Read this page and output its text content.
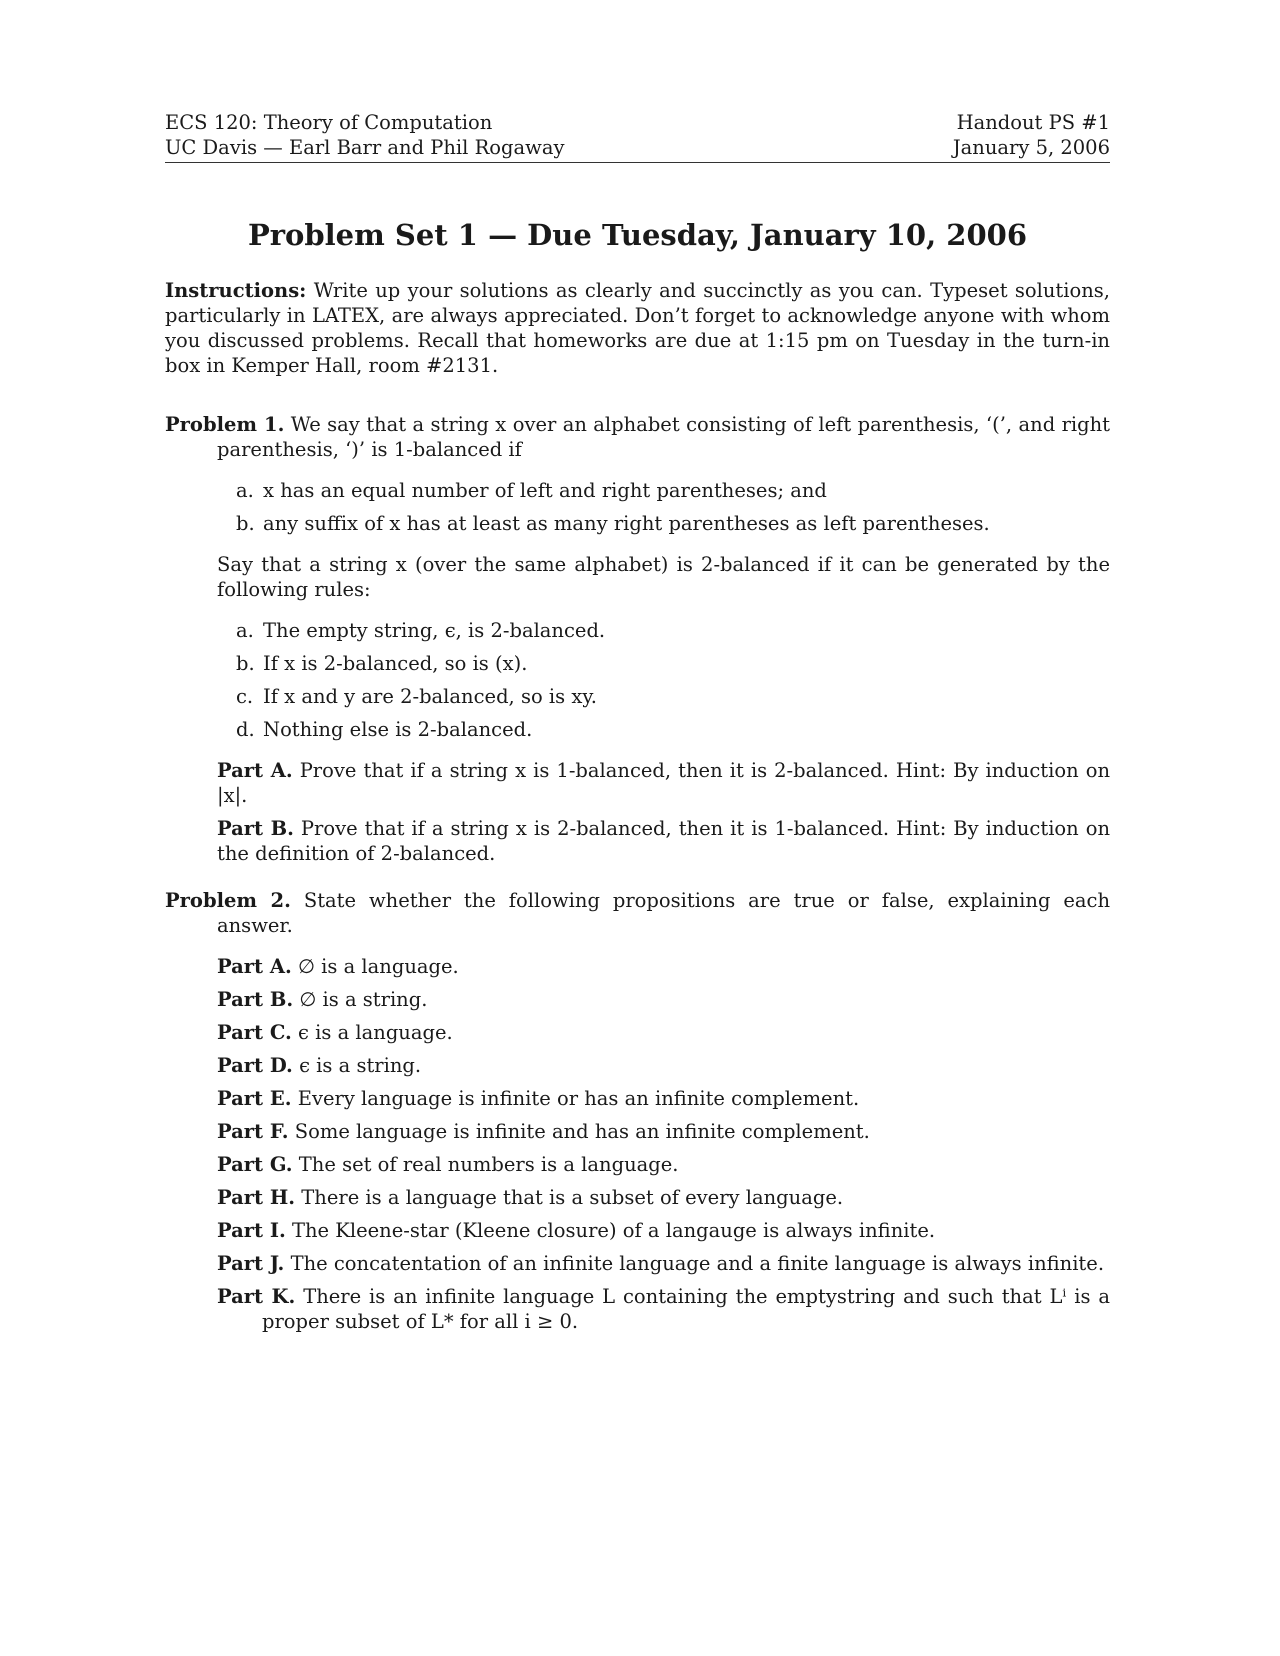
ECS 120: Theory of Computation
UC Davis — Earl Barr and Phil Rogaway
Handout PS #1
January 5, 2006
Problem Set 1 — Due Tuesday, January 10, 2006

Instructions: Write up your solutions as clearly and succinctly as you can. Typeset solutions, particularly in LATEX, are always appreciated. Don’t forget to acknowledge anyone with whom you discussed problems. Recall that homeworks are due at 1:15 pm on Tuesday in the turn-in box in Kemper Hall, room #2131.

Problem 1. We say that a string x over an alphabet consisting of left parenthesis, ‘(’, and right parenthesis, ‘)’ is 1-balanced if

a. x has an equal number of left and right parentheses; and
b. any suffix of x has at least as many right parentheses as left parentheses.

Say that a string x (over the same alphabet) is 2-balanced if it can be generated by the following rules:

a. The empty string, ϵ, is 2-balanced.
b. If x is 2-balanced, so is (x).
c. If x and y are 2-balanced, so is xy.
d. Nothing else is 2-balanced.

Part A. Prove that if a string x is 1-balanced, then it is 2-balanced. Hint: By induction on |x|.

Part B. Prove that if a string x is 2-balanced, then it is 1-balanced. Hint: By induction on the definition of 2-balanced.

Problem 2. State whether the following propositions are true or false, explaining each answer.

Part A. ∅ is a language.

Part B. ∅ is a string.

Part C. ϵ is a language.

Part D. ϵ is a string.

Part E. Every language is infinite or has an infinite complement.

Part F. Some language is infinite and has an infinite complement.

Part G. The set of real numbers is a language.

Part H. There is a language that is a subset of every language.

Part I. The Kleene-star (Kleene closure) of a langauge is always infinite.

Part J. The concatentation of an infinite language and a finite language is always infinite.

Part K. There is an infinite language L containing the emptystring and such that Lⁱ is a proper subset of L* for all i ≥ 0.
